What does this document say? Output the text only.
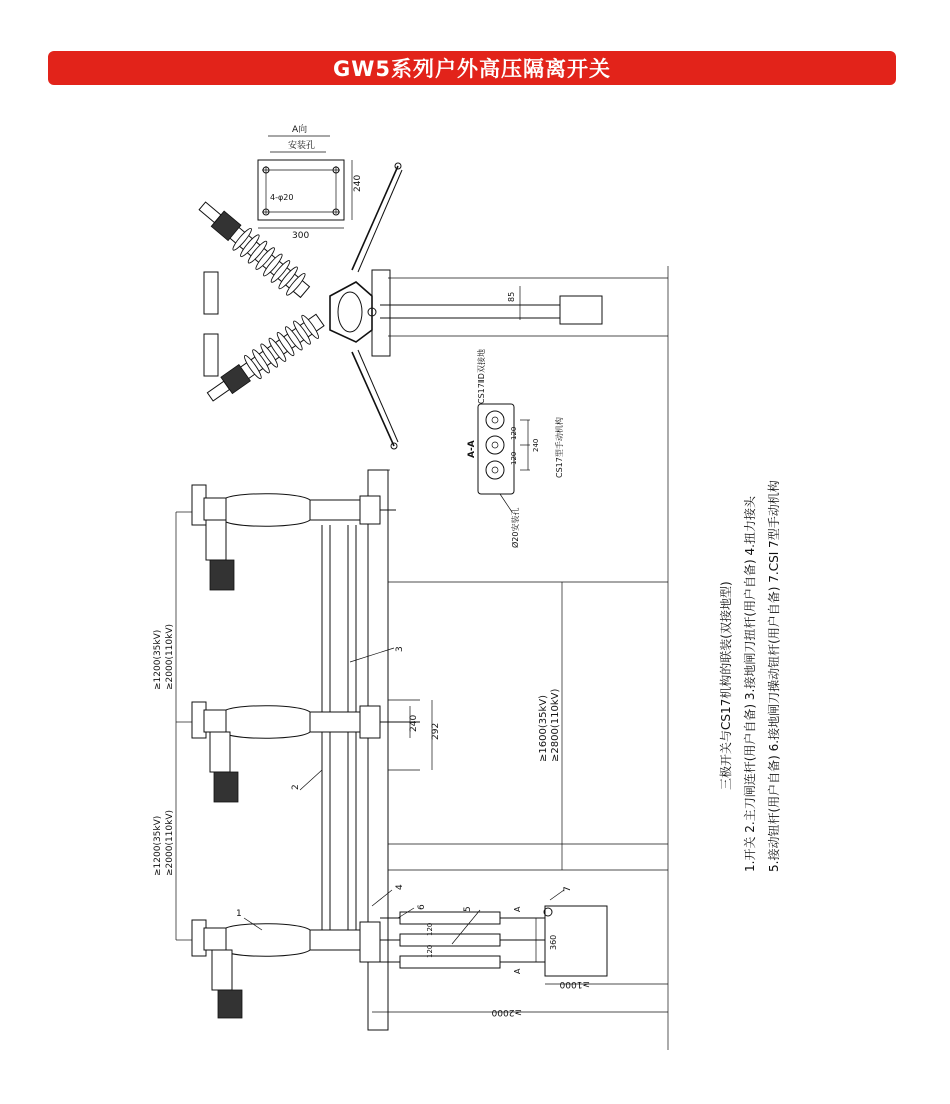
GW5系列户外高压隔离开关
A向
安装孔
4-φ20
300
240
85
CS17ⅡD双接地
A-A
120
120
240 CS17型手动机构
Ø20安装孔
≥1200(35kV) ≥2000(110kV)
≥1200(35kV) ≥2000(110kV)
240 292	≥1600(35kV) ≥2800(110kV)
≥1000
≥2000
360
120
120
A
A
1
2
3
4
5
6
7
三极开关与CS17机构的联装(双接地型) 1.开关 2.主刀闸连杆(用户自备) 3.接地闸刀扭杆(用户自备) 4.扭力接头 5.接动钮杆(用户自备) 6.接地闸刀操动钮杆(用户自备) 7.CSI 7型手动机构
